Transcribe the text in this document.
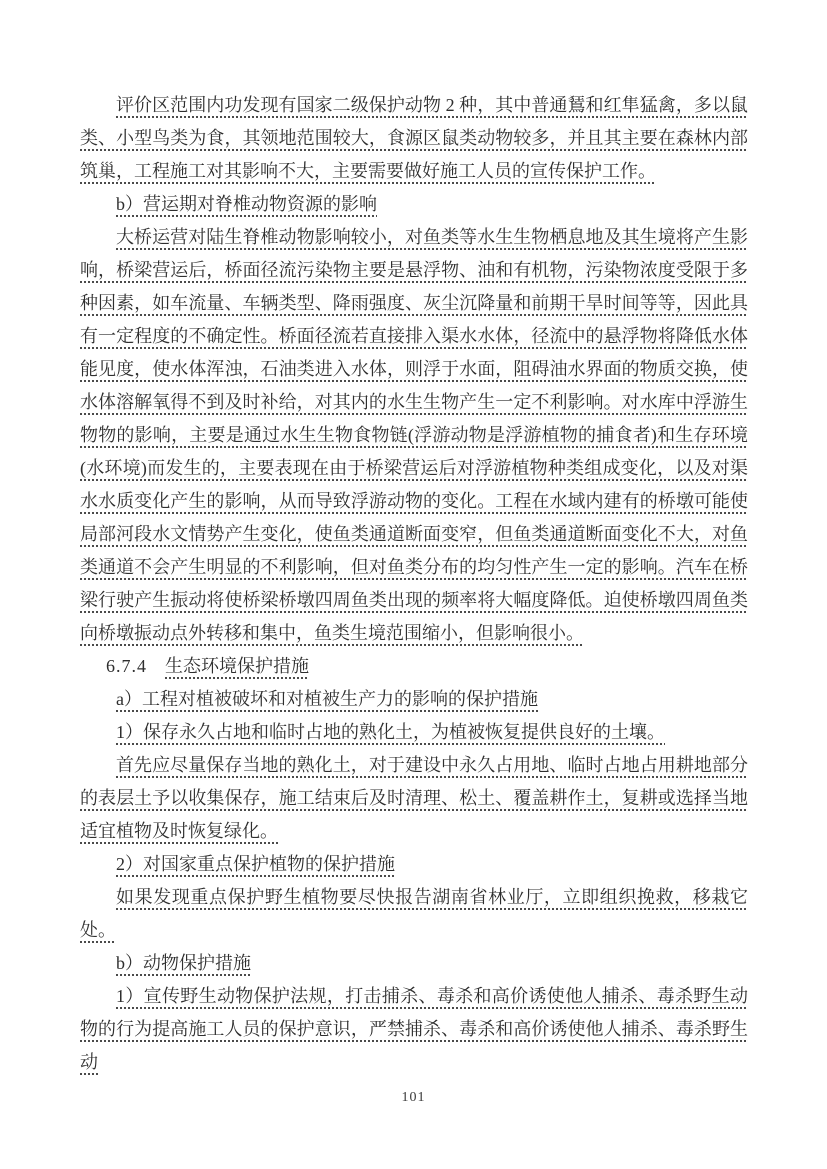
评价区范围内功发现有国家二级保护动物 2 种，其中普通鵟和红隼猛禽，多以鼠类、小型鸟类为食，其领地范围较大，食源区鼠类动物较多，并且其主要在森林内部筑巢，工程施工对其影响不大，主要需要做好施工人员的宣传保护工作。

b）营运期对脊椎动物资源的影响

大桥运营对陆生脊椎动物影响较小，对鱼类等水生生物栖息地及其生境将产生影响，桥梁营运后，桥面径流污染物主要是悬浮物、油和有机物，污染物浓度受限于多种因素，如车流量、车辆类型、降雨强度、灰尘沉降量和前期干旱时间等等，因此具有一定程度的不确定性。桥面径流若直接排入渠水水体，径流中的悬浮物将降低水体能见度，使水体浑浊，石油类进入水体，则浮于水面，阻碍油水界面的物质交换，使水体溶解氧得不到及时补给，对其内的水生生物产生一定不利影响。对水库中浮游生物物的影响，主要是通过水生生物食物链(浮游动物是浮游植物的捕食者)和生存环境(水环境)而发生的，主要表现在由于桥梁营运后对浮游植物种类组成变化，以及对渠水水质变化产生的影响，从而导致浮游动物的变化。工程在水域内建有的桥墩可能使局部河段水文情势产生变化，使鱼类通道断面变窄，但鱼类通道断面变化不大，对鱼类通道不会产生明显的不利影响，但对鱼类分布的均匀性产生一定的影响。汽车在桥梁行驶产生振动将使桥梁桥墩四周鱼类出现的频率将大幅度降低。迫使桥墩四周鱼类向桥墩振动点外转移和集中，鱼类生境范围缩小，但影响很小。

6.7.4 生态环境保护措施

a）工程对植被破坏和对植被生产力的影响的保护措施

1）保存永久占地和临时占地的熟化土，为植被恢复提供良好的土壤。

首先应尽量保存当地的熟化土，对于建设中永久占用地、临时占地占用耕地部分的表层土予以收集保存，施工结束后及时清理、松土、覆盖耕作土，复耕或选择当地适宜植物及时恢复绿化。

2）对国家重点保护植物的保护措施

如果发现重点保护野生植物要尽快报告湖南省林业厅，立即组织挽救，移栽它处。

b）动物保护措施

1）宣传野生动物保护法规，打击捕杀、毒杀和高价诱使他人捕杀、毒杀野生动物的行为提高施工人员的保护意识，严禁捕杀、毒杀和高价诱使他人捕杀、毒杀野生动

101
